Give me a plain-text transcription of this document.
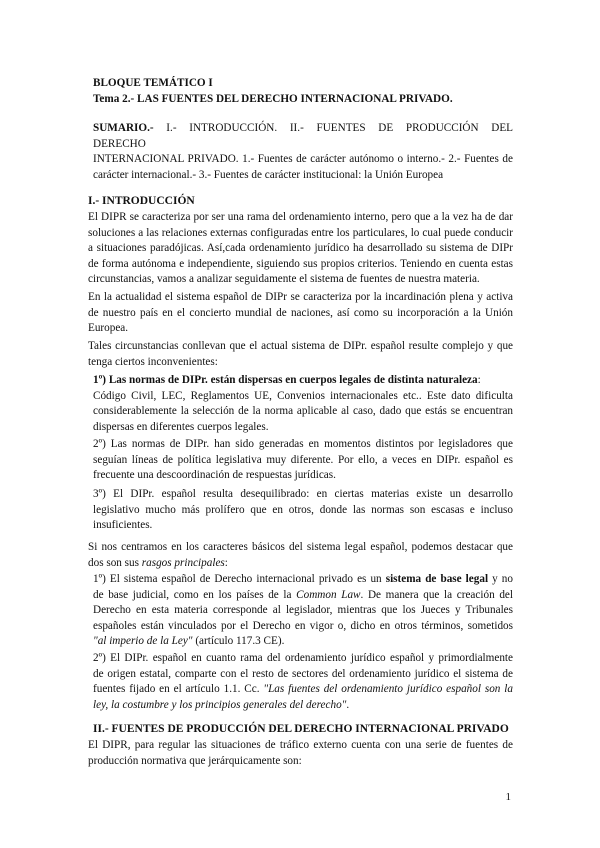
BLOQUE TEMÁTICO I
Tema 2.- LAS FUENTES DEL DERECHO INTERNACIONAL PRIVADO.
SUMARIO.- I.- INTRODUCCIÓN. II.- FUENTES DE PRODUCCIÓN DEL
DERECHO
INTERNACIONAL PRIVADO. 1.- Fuentes de carácter autónomo o interno.- 2.- Fuentes de
carácter internacional.- 3.- Fuentes de carácter institucional: la Unión Europea
I.- INTRODUCCIÓN
El DIPR se caracteriza por ser una rama del ordenamiento interno, pero que a la vez ha de dar
soluciones a las relaciones externas configuradas entre los particulares, lo cual puede conducir
a situaciones paradójicas. Así,cada ordenamiento jurídico ha desarrollado su sistema de DIPr
de forma autónoma e independiente, siguiendo sus propios criterios. Teniendo en cuenta estas
circunstancias, vamos a analizar seguidamente el sistema de fuentes de nuestra materia.
En la actualidad el sistema español de DIPr se caracteriza por la incardinación plena y activa
de nuestro país en el concierto mundial de naciones, así como su incorporación a la Unión
Europea.
Tales circunstancias conllevan que el actual sistema de DIPr. español resulte complejo y que
tenga ciertos inconvenientes:
1º) Las normas de DIPr. están dispersas en cuerpos legales de distinta naturaleza:
Código Civil, LEC, Reglamentos UE, Convenios internacionales etc.. Este dato dificulta
considerablemente la selección de la norma aplicable al caso, dado que estás se encuentran
dispersas en diferentes cuerpos legales.
2º) Las normas de DIPr. han sido generadas en momentos distintos por legisladores que
seguían líneas de política legislativa muy diferente. Por ello, a veces en DIPr. español es
frecuente una descoordinación de respuestas jurídicas.
3º) El DIPr. español resulta desequilibrado: en ciertas materias existe un desarrollo
legislativo mucho más prolífero que en otros, donde las normas son escasas e incluso
insuficientes.
Si nos centramos en los caracteres básicos del sistema legal español, podemos destacar que
dos son sus rasgos principales:
1º) El sistema español de Derecho internacional privado es un sistema de base legal y no
de base judicial, como en los países de la Common Law. De manera que la creación del
Derecho en esta materia corresponde al legislador, mientras que los Jueces y Tribunales
españoles están vinculados por el Derecho en vigor o, dicho en otros términos, sometidos
"al imperio de la Ley" (artículo 117.3 CE).
2º) El DIPr. español en cuanto rama del ordenamiento jurídico español y primordialmente
de origen estatal, comparte con el resto de sectores del ordenamiento jurídico el sistema de
fuentes fijado en el artículo 1.1. Cc. "Las fuentes del ordenamiento jurídico español son la
ley, la costumbre y los principios generales del derecho".
II.- FUENTES DE PRODUCCIÓN DEL DERECHO INTERNACIONAL PRIVADO
El DIPR, para regular las situaciones de tráfico externo cuenta con una serie de fuentes de
producción normativa que jerárquicamente son:
1
